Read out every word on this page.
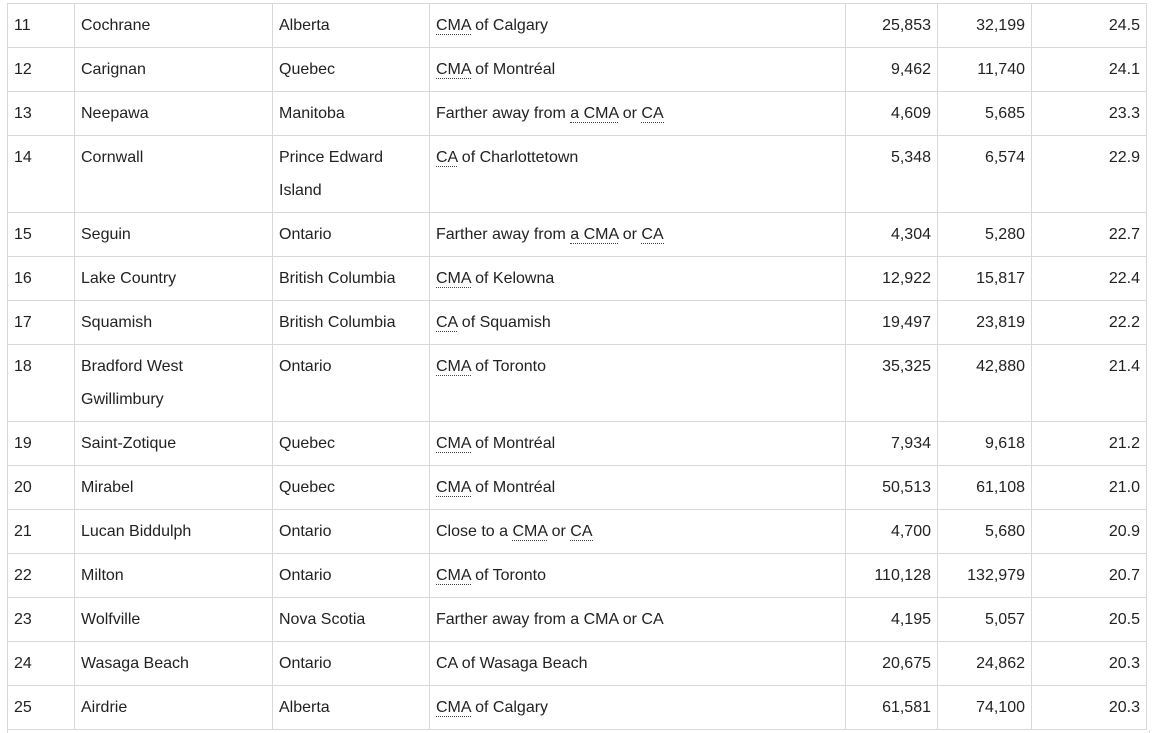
11	Cochrane	Alberta	CMA of Calgary	25,853	32,199	24.5
12	Carignan	Quebec	CMA of Montréal	9,462	11,740	24.1
13	Neepawa	Manitoba	Farther away from a CMA or CA	4,609	5,685	23.3
14	Cornwall	Prince Edward Island	CA of Charlottetown	5,348	6,574	22.9
15	Seguin	Ontario	Farther away from a CMA or CA	4,304	5,280	22.7
16	Lake Country	British Columbia	CMA of Kelowna	12,922	15,817	22.4
17	Squamish	British Columbia	CA of Squamish	19,497	23,819	22.2
18	Bradford West Gwillimbury	Ontario	CMA of Toronto	35,325	42,880	21.4
19	Saint-Zotique	Quebec	CMA of Montréal	7,934	9,618	21.2
20	Mirabel	Quebec	CMA of Montréal	50,513	61,108	21.0
21	Lucan Biddulph	Ontario	Close to a CMA or CA	4,700	5,680	20.9
22	Milton	Ontario	CMA of Toronto	110,128	132,979	20.7
23	Wolfville	Nova Scotia	Farther away from a CMA or CA	4,195	5,057	20.5
24	Wasaga Beach	Ontario	CA of Wasaga Beach	20,675	24,862	20.3
25	Airdrie	Alberta	CMA of Calgary	61,581	74,100	20.3
